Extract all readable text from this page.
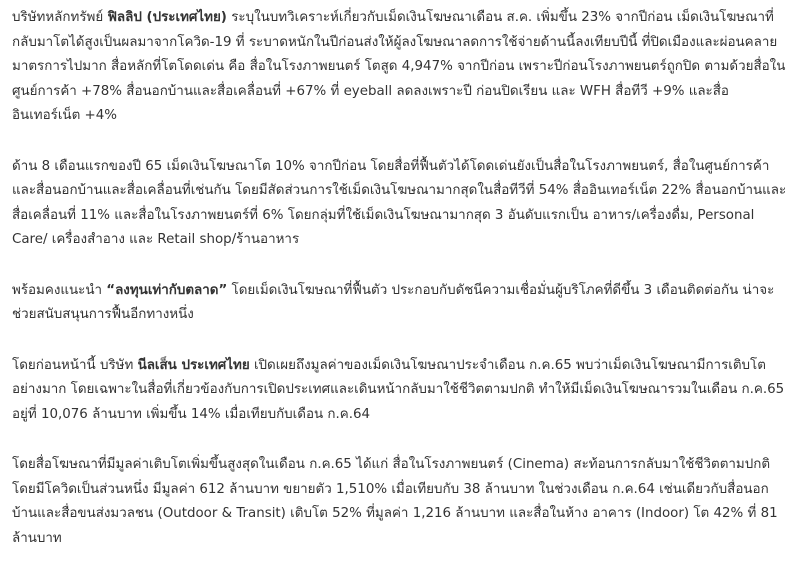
บริษัทหลักทรัพย์ ฟิลลิป (ประเทศไทย) ระบุในบทวิเคราะห์เกี่ยวกับเม็ดเงินโฆษณาเดือน ส.ค. เพิ่มขึ้น 23% จากปีก่อน เม็ดเงินโฆษณาที่กลับมาโตได้สูงเป็นผลมาจากโควิด-19 ที่ ระบาดหนักในปีก่อนส่งให้ผู้ลงโฆษณาลดการใช้จ่ายด้านนี้ลงเทียบปีนี้ ที่ปิดเมืองและผ่อนคลายมาตรการไปมาก สื่อหลักที่โตโดดเด่น คือ สื่อในโรงภาพยนตร์ โตสูด 4,947% จากปีก่อน เพราะปีก่อนโรงภาพยนตร์ถูกปิด ตามด้วยสื่อในศูนย์การค้า +78% สื่อนอกบ้านและสื่อเคลื่อนที่ +67% ที่ eyeball ลดลงเพราะปี ก่อนปิดเรียน และ WFH สื่อทีวี +9% และสื่ออินเทอร์เน็ต +4%

ด้าน 8 เดือนแรกของปี 65 เม็ดเงินโฆษณาโต 10% จากปีก่อน โดยสื่อที่ฟื้นตัวได้โดดเด่นยังเป็นสื่อในโรงภาพยนตร์, สื่อในศูนย์การค้า และสื่อนอกบ้านและสื่อเคลื่อนที่เช่นกัน โดยมีสัดส่วนการใช้เม็ดเงินโฆษณามากสุดในสื่อทีวีที่ 54% สื่ออินเทอร์เน็ต 22% สื่อนอกบ้านและสื่อเคลื่อนที่ 11% และสื่อในโรงภาพยนตร์ที่ 6% โดยกลุ่มที่ใช้เม็ดเงินโฆษณามากสุด 3 อันดับแรกเป็น อาหาร/เครื่องดื่ม, Personal Care/ เครื่องสำอาง และ Retail shop/ร้านอาหาร

พร้อมคงแนะนำ “ลงทุนเท่ากับตลาด” โดยเม็ดเงินโฆษณาที่ฟื้นตัว ประกอบกับดัชนีความเชื่อมั่นผู้บริโภคที่ดีขึ้น 3 เดือนติดต่อกัน น่าจะช่วยสนับสนุนการฟื้นอีกทางหนึ่ง

โดยก่อนหน้านี้ บริษัท นีลเส็น ประเทศไทย เปิดเผยถึงมูลค่าของเม็ดเงินโฆษณาประจำเดือน ก.ค.65 พบว่าเม็ดเงินโฆษณามีการเติบโตอย่างมาก โดยเฉพาะในสื่อที่เกี่ยวข้องกับการเปิดประเทศและเดินหน้ากลับมาใช้ชีวิตตามปกติ ทำให้มีเม็ดเงินโฆษณารวมในเดือน ก.ค.65 อยู่ที่ 10,076 ล้านบาท เพิ่มขึ้น 14% เมื่อเทียบกับเดือน ก.ค.64

โดยสื่อโฆษณาที่มีมูลค่าเติบโตเพิ่มขึ้นสูงสุดในเดือน ก.ค.65 ได้แก่ สื่อในโรงภาพยนตร์ (Cinema) สะท้อนการกลับมาใช้ชีวิตตามปกติโดยมีโควิดเป็นส่วนหนึ่ง มีมูลค่า 612 ล้านบาท ขยายตัว 1,510% เมื่อเทียบกับ 38 ล้านบาท ในช่วงเดือน ก.ค.64 เช่นเดียวกับสื่อนอกบ้านและสื่อขนส่งมวลชน (Outdoor & Transit) เติบโต 52% ที่มูลค่า 1,216 ล้านบาท และสื่อในห้าง อาคาร (Indoor) โต 42% ที่ 81 ล้านบาท
